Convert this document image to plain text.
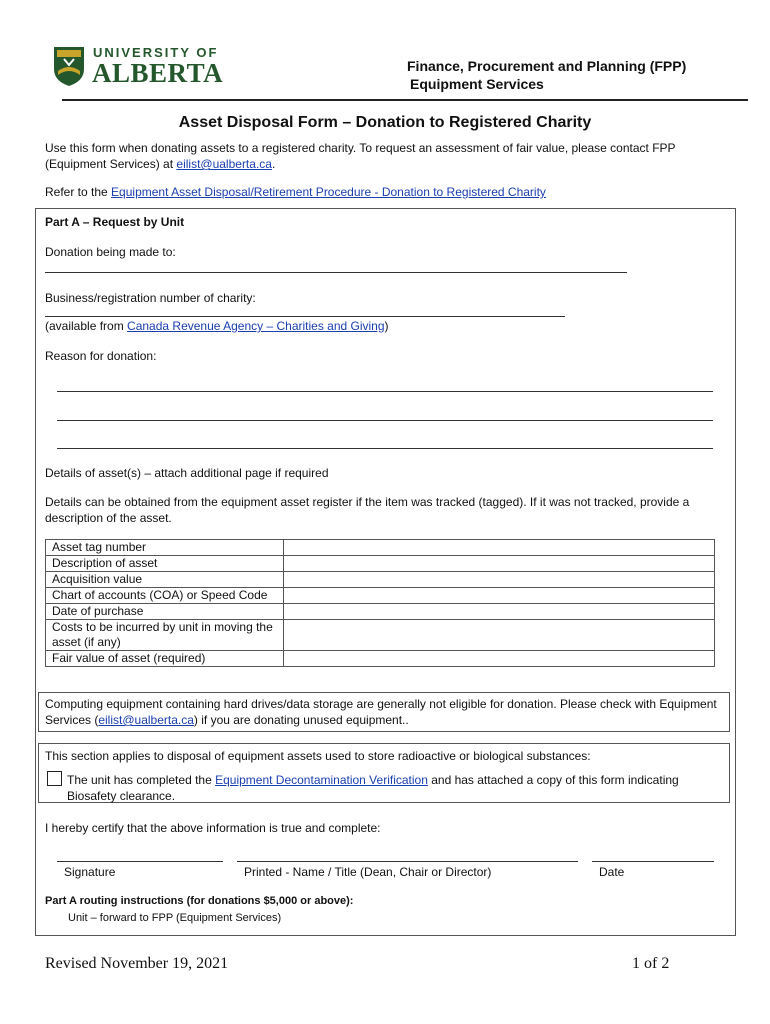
UNIVERSITY OF
ALBERTA	Finance, Procurement and Planning (FPP)
Equipment Services
Asset Disposal Form – Donation to Registered Charity
Use this form when donating assets to a registered charity. To request an assessment of fair value, please contact FPP (Equipment Services) at eilist@ualberta.ca.
Refer to the Equipment Asset Disposal/Retirement Procedure - Donation to Registered Charity
Part A – Request by Unit
Donation being made to:
Business/registration number of charity:
(available from Canada Revenue Agency – Charities and Giving)
Reason for donation:
Details of asset(s) – attach additional page if required
Details can be obtained from the equipment asset register if the item was tracked (tagged). If it was not tracked, provide a description of the asset.
Asset tag number	
Description of asset	
Acquisition value	
Chart of accounts (COA) or Speed Code	
Date of purchase	
Costs to be incurred by unit in moving the asset (if any)	
Fair value of asset (required)	
Computing equipment containing hard drives/data storage are generally not eligible for donation. Please check with Equipment Services (eilist@ualberta.ca) if you are donating unused equipment..
This section applies to disposal of equipment assets used to store radioactive or biological substances:
The unit has completed the Equipment Decontamination Verification and has attached a copy of this form indicating Biosafety clearance.
I hereby certify that the above information is true and complete:
Signature	Printed - Name / Title (Dean, Chair or Director)	Date
Part A routing instructions (for donations $5,000 or above):
Unit – forward to FPP (Equipment Services)
Revised November 19, 2021	1 of 2
